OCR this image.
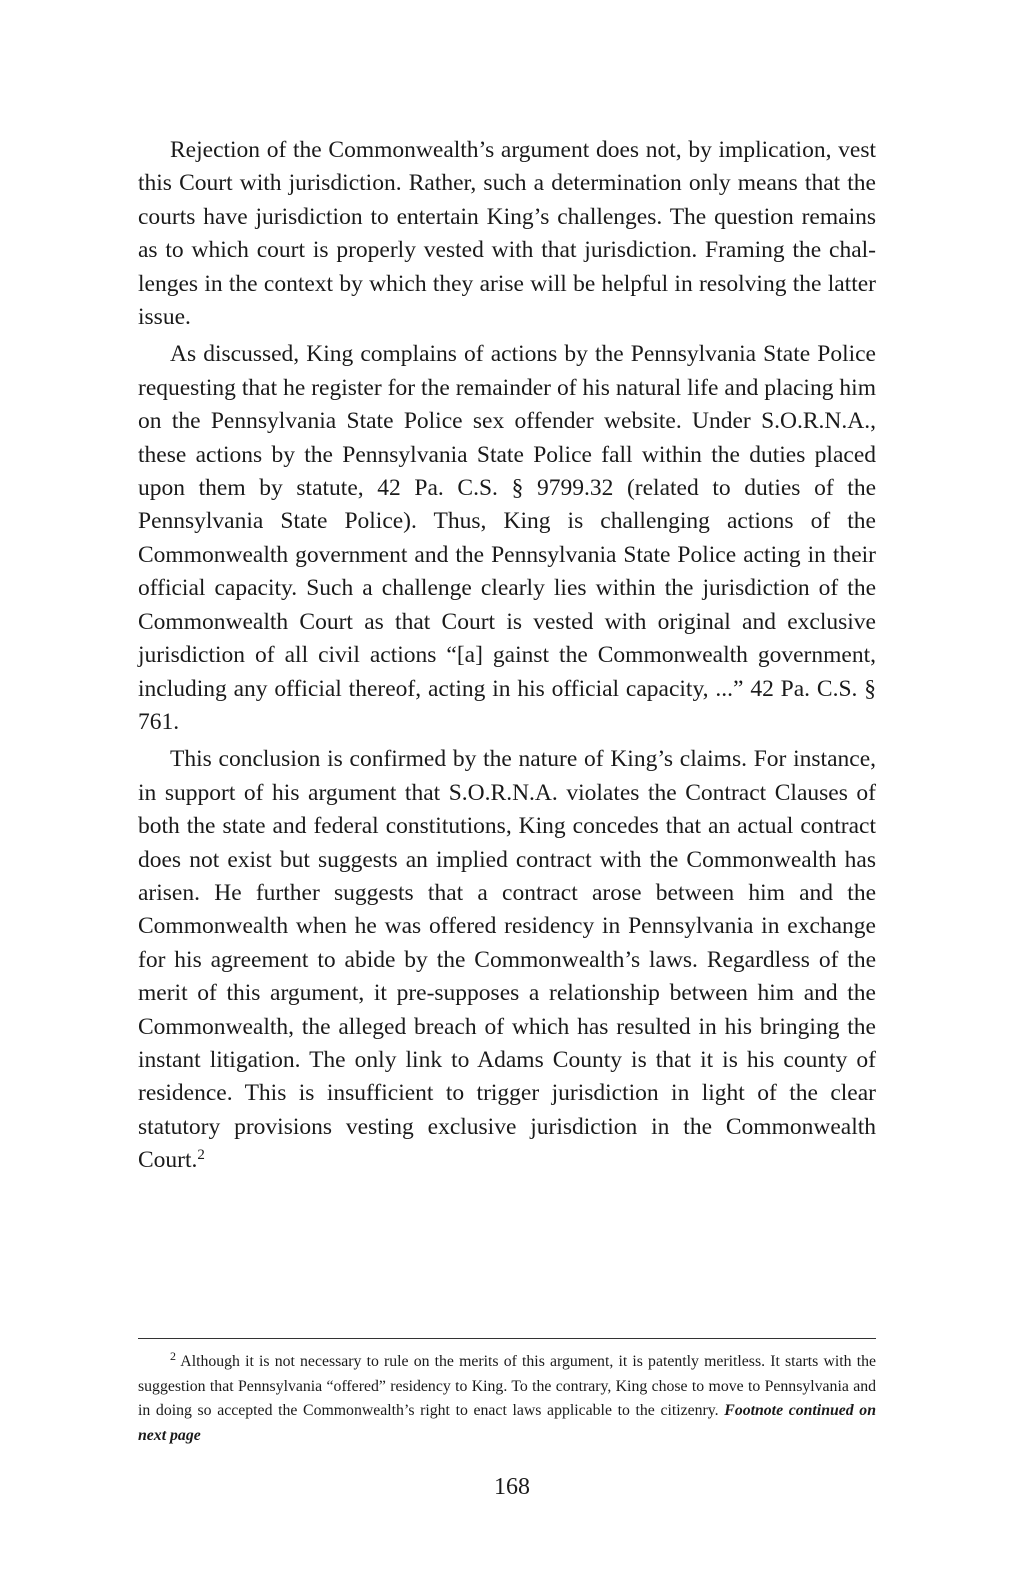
Rejection of the Commonwealth’s argument does not, by implication, vest this Court with jurisdiction. Rather, such a determination only means that the courts have jurisdiction to entertain King’s challenges. The question remains as to which court is properly vested with that jurisdiction. Framing the challenges in the context by which they arise will be helpful in resolving the latter issue.

As discussed, King complains of actions by the Pennsylvania State Police requesting that he register for the remainder of his natural life and placing him on the Pennsylvania State Police sex offender website. Under S.O.R.N.A., these actions by the Pennsylvania State Police fall within the duties placed upon them by statute, 42 Pa. C.S. § 9799.32 (related to duties of the Pennsylvania State Police). Thus, King is challenging actions of the Commonwealth government and the Pennsylvania State Police acting in their official capacity. Such a challenge clearly lies within the jurisdiction of the Commonwealth Court as that Court is vested with original and exclusive jurisdiction of all civil actions “[a] gainst the Commonwealth government, including any official thereof, acting in his official capacity, ...” 42 Pa. C.S. § 761.

This conclusion is confirmed by the nature of King’s claims. For instance, in support of his argument that S.O.R.N.A. violates the Contract Clauses of both the state and federal constitutions, King concedes that an actual contract does not exist but suggests an implied contract with the Commonwealth has arisen. He further suggests that a contract arose between him and the Commonwealth when he was offered residency in Pennsylvania in exchange for his agreement to abide by the Commonwealth’s laws. Regardless of the merit of this argument, it pre-supposes a relationship between him and the Commonwealth, the alleged breach of which has resulted in his bringing the instant litigation. The only link to Adams County is that it is his county of residence. This is insufficient to trigger jurisdiction in light of the clear statutory provisions vesting exclusive jurisdiction in the Commonwealth Court.$^2$

$^2$ Although it is not necessary to rule on the merits of this argument, it is patently meritless. It starts with the suggestion that Pennsylvania “offered” residency to King. To the contrary, King chose to move to Pennsylvania and in doing so accepted the Commonwealth’s right to enact laws applicable to the citizenry. Footnote continued on next page

168
